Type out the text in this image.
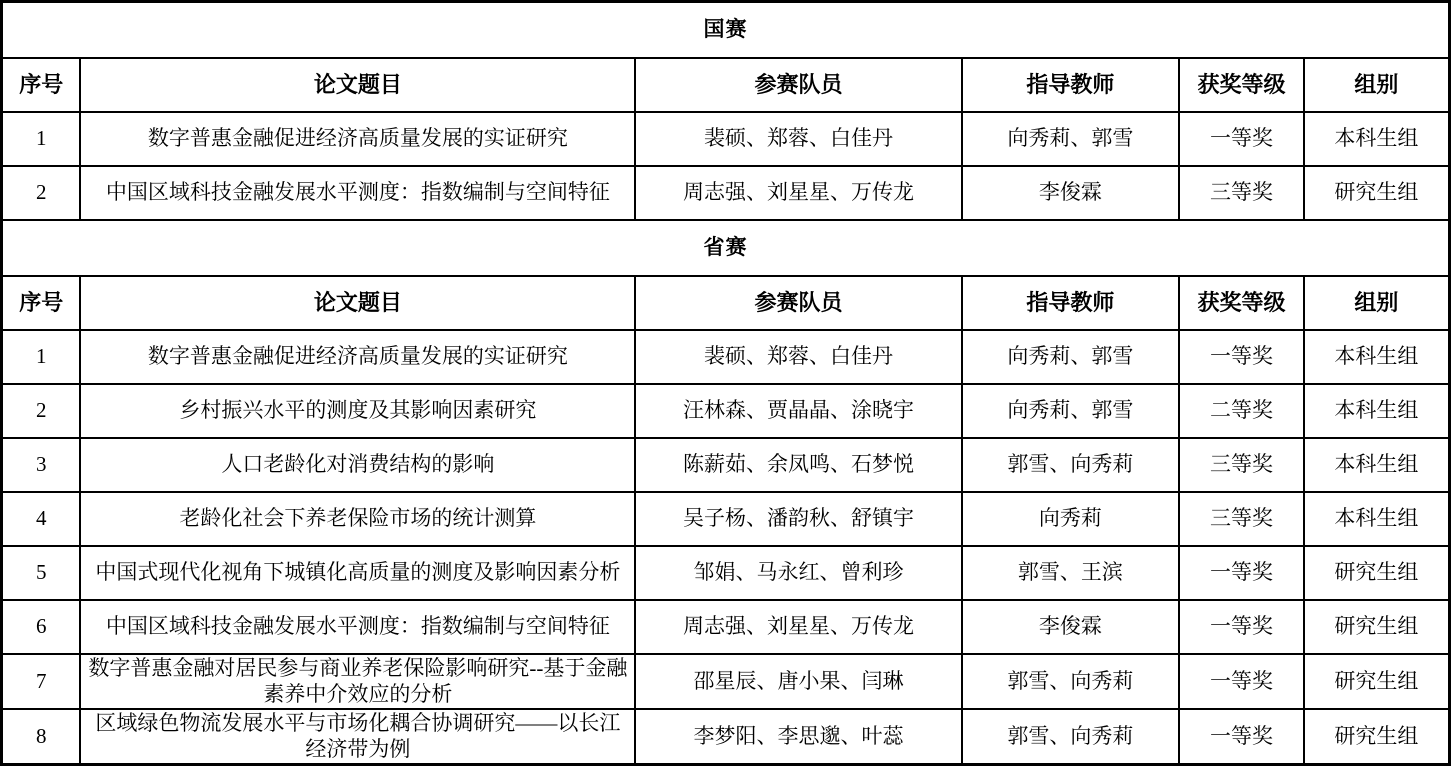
国赛					
序号	论文题目	参赛队员	指导教师	获奖等级	组别
1	数字普惠金融促进经济高质量发展的实证研究	裴硕、郑蓉、白佳丹	向秀莉、郭雪	一等奖	本科生组
2	中国区域科技金融发展水平测度：指数编制与空间特征	周志强、刘星星、万传龙	李俊霖	三等奖	研究生组
省赛					
序号	论文题目	参赛队员	指导教师	获奖等级	组别
1	数字普惠金融促进经济高质量发展的实证研究	裴硕、郑蓉、白佳丹	向秀莉、郭雪	一等奖	本科生组
2	乡村振兴水平的测度及其影响因素研究	汪林森、贾晶晶、涂晓宇	向秀莉、郭雪	二等奖	本科生组
3	人口老龄化对消费结构的影响	陈薪茹、余凤鸣、石梦悦	郭雪、向秀莉	三等奖	本科生组
4	老龄化社会下养老保险市场的统计测算	吴子杨、潘韵秋、舒镇宇	向秀莉	三等奖	本科生组
5	中国式现代化视角下城镇化高质量的测度及影响因素分析	邹娟、马永红、曾利珍	郭雪、王滨	一等奖	研究生组
6	中国区域科技金融发展水平测度：指数编制与空间特征	周志强、刘星星、万传龙	李俊霖	一等奖	研究生组
7	数字普惠金融对居民参与商业养老保险影响研究--基于金融素养中介效应的分析	邵星辰、唐小果、闫琳	郭雪、向秀莉	一等奖	研究生组
8	区域绿色物流发展水平与市场化耦合协调研究——以长江经济带为例	李梦阳、李思邈、叶蕊	郭雪、向秀莉	一等奖	研究生组
